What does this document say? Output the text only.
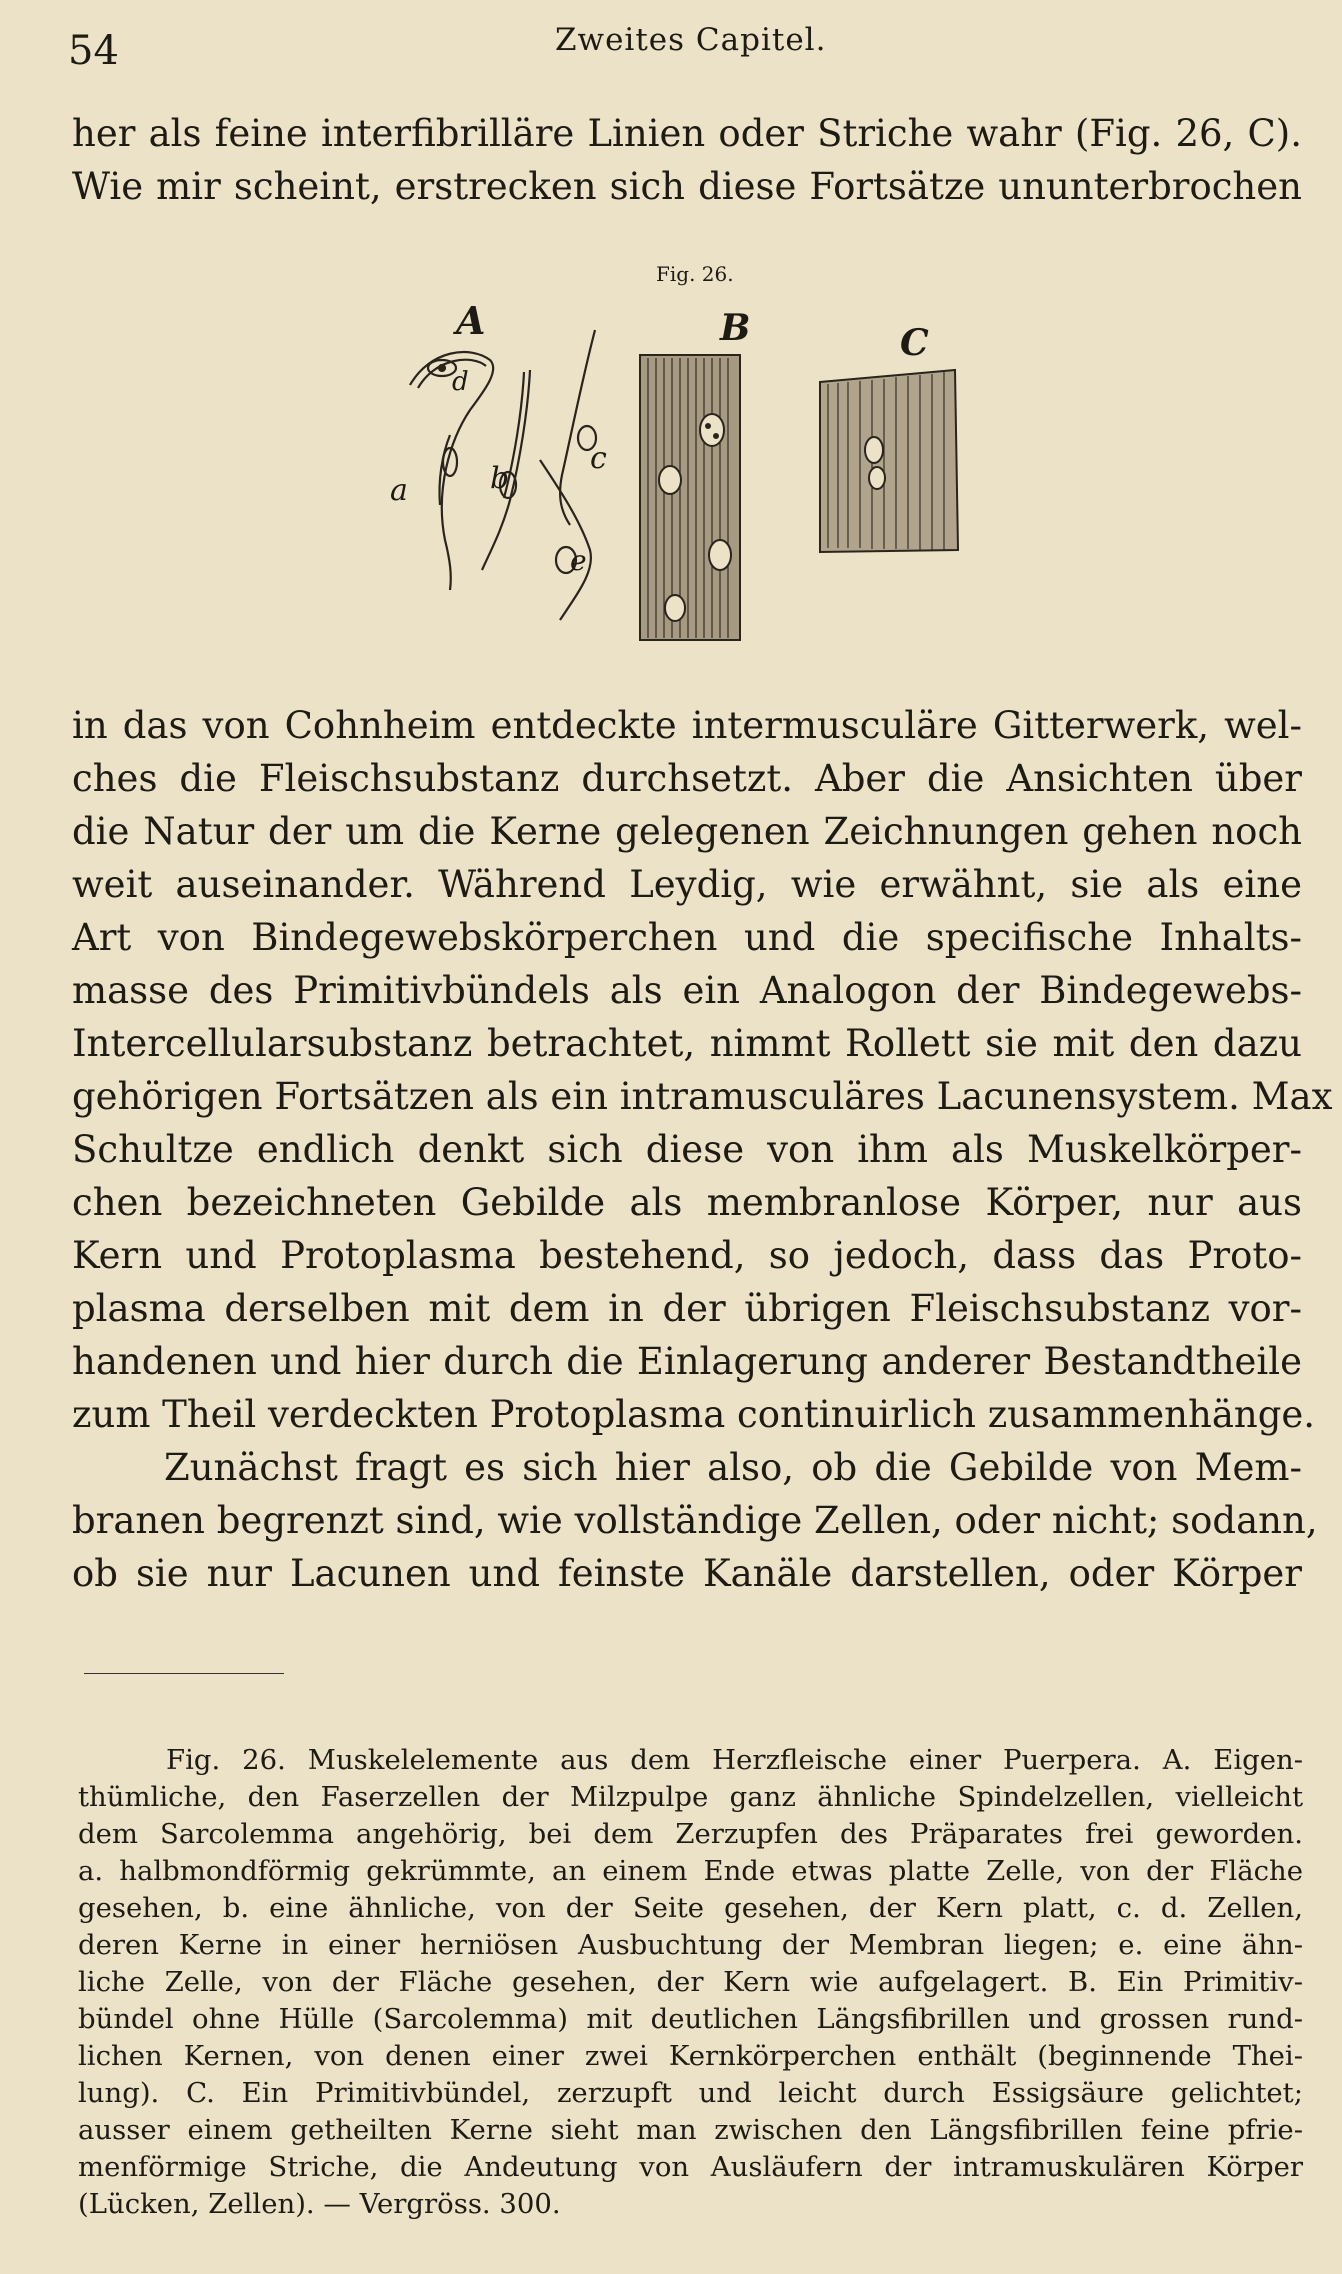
54	Zweites Capitel.
her als feine interfibrilläre Linien oder Striche wahr (Fig. 26, C).
Wie mir scheint, erstrecken sich diese Fortsätze ununterbrochen
Fig. 26.
A
a
d
b
c
e
B	C
in das von Cohnheim entdeckte intermusculäre Gitterwerk, wel-
ches die Fleischsubstanz durchsetzt. Aber die Ansichten über
die Natur der um die Kerne gelegenen Zeichnungen gehen noch
weit auseinander. Während Leydig, wie erwähnt, sie als eine
Art von Bindegewebskörperchen und die specifische Inhalts-
masse des Primitivbündels als ein Analogon der Bindegewebs-
Intercellularsubstanz betrachtet, nimmt Rollett sie mit den dazu
gehörigen Fortsätzen als ein intramusculäres Lacunensystem. Max
Schultze endlich denkt sich diese von ihm als Muskelkörper-
chen bezeichneten Gebilde als membranlose Körper, nur aus
Kern und Protoplasma bestehend, so jedoch, dass das Proto-
plasma derselben mit dem in der übrigen Fleischsubstanz vor-
handenen und hier durch die Einlagerung anderer Bestandtheile
zum Theil verdeckten Protoplasma continuirlich zusammenhänge.
Zunächst fragt es sich hier also, ob die Gebilde von Mem-
branen begrenzt sind, wie vollständige Zellen, oder nicht; sodann,
ob sie nur Lacunen und feinste Kanäle darstellen, oder Körper
Fig. 26. Muskelelemente aus dem Herzfleische einer Puerpera. A. Eigen-
thümliche, den Faserzellen der Milzpulpe ganz ähnliche Spindelzellen, vielleicht
dem Sarcolemma angehörig, bei dem Zerzupfen des Präparates frei geworden.
a. halbmondförmig gekrümmte, an einem Ende etwas platte Zelle, von der Fläche
gesehen, b. eine ähnliche, von der Seite gesehen, der Kern platt, c. d. Zellen,
deren Kerne in einer herniösen Ausbuchtung der Membran liegen; e. eine ähn-
liche Zelle, von der Fläche gesehen, der Kern wie aufgelagert. B. Ein Primitiv-
bündel ohne Hülle (Sarcolemma) mit deutlichen Längsfibrillen und grossen rund-
lichen Kernen, von denen einer zwei Kernkörperchen enthält (beginnende Thei-
lung). C. Ein Primitivbündel, zerzupft und leicht durch Essigsäure gelichtet;
ausser einem getheilten Kerne sieht man zwischen den Längsfibrillen feine pfrie-
menförmige Striche, die Andeutung von Ausläufern der intramuskulären Körper
(Lücken, Zellen). — Vergröss. 300.
